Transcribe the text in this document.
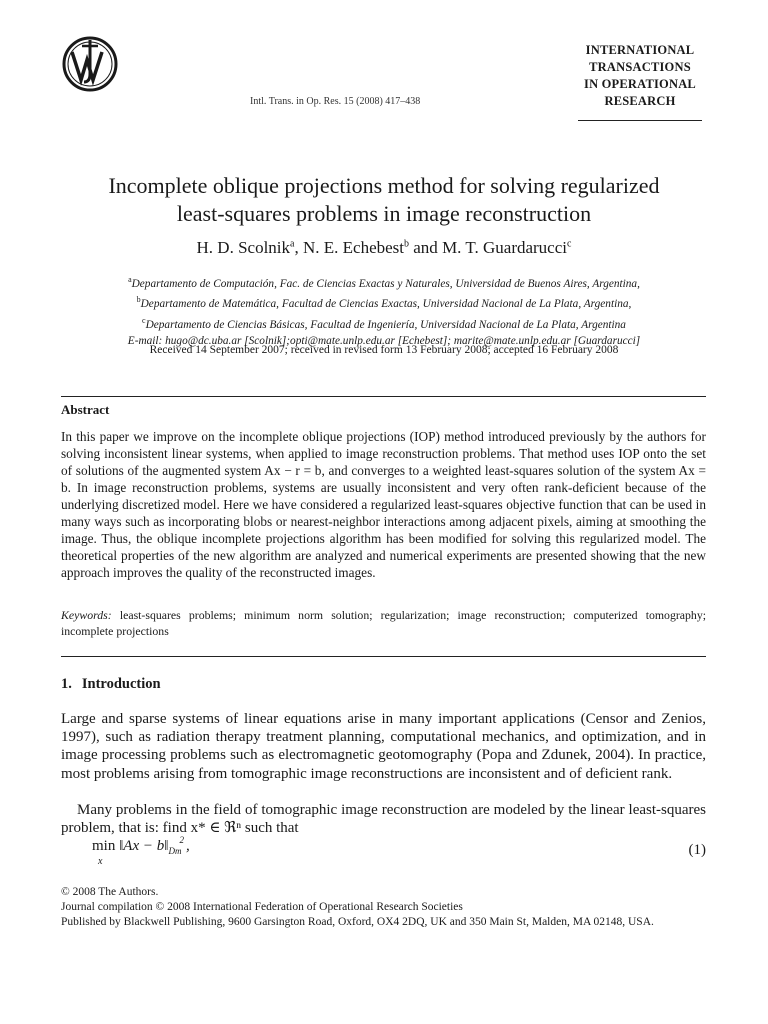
Intl. Trans. in Op. Res. 15 (2008) 417–438
INTERNATIONAL
TRANSACTIONS
IN OPERATIONAL
RESEARCH
Incomplete oblique projections method for solving regularized
least-squares problems in image reconstruction
H. D. Scolnik$^a$, N. E. Echebest$^b$ and M. T. Guardarucci$^c$
$^a$Departamento de Computación, Fac. de Ciencias Exactas y Naturales, Universidad de Buenos Aires, Argentina,
$^b$Departamento de Matemática, Facultad de Ciencias Exactas, Universidad Nacional de La Plata, Argentina,
$^c$Departamento de Ciencias Básicas, Facultad de Ingeniería, Universidad Nacional de La Plata, Argentina
E-mail: hugo@dc.uba.ar [Scolnik];opti@mate.unlp.edu.ar [Echebest]; marite@mate.unlp.edu.ar [Guardarucci]
Received 14 September 2007; received in revised form 13 February 2008; accepted 16 February 2008
Abstract
In this paper we improve on the incomplete oblique projections (IOP) method introduced previously by the authors for solving inconsistent linear systems, when applied to image reconstruction problems. That method uses IOP onto the set of solutions of the augmented system Ax − r = b, and converges to a weighted least-squares solution of the system Ax = b. In image reconstruction problems, systems are usually inconsistent and very often rank-deficient because of the underlying discretized model. Here we have considered a regularized least-squares objective function that can be used in many ways such as incorporating blobs or nearest-neighbor interactions among adjacent pixels, aiming at smoothing the image. Thus, the oblique incomplete projections algorithm has been modified for solving this regularized model. The theoretical properties of the new algorithm are analyzed and numerical experiments are presented showing that the new approach improves the quality of the reconstructed images.
Keywords: least-squares problems; minimum norm solution; regularization; image reconstruction; computerized tomography; incomplete projections
1. Introduction
Large and sparse systems of linear equations arise in many important applications (Censor and Zenios, 1997), such as radiation therapy treatment planning, computational mechanics, and optimization, and in image processing problems such as electromagnetic geotomography (Popa and Zdunek, 2004). In practice, most problems arising from tomographic image reconstructions are inconsistent and of deficient rank.
Many problems in the field of tomographic image reconstruction are modeled by the linear least-squares problem, that is: find x* ∈ ℜⁿ such that
min
x
‖Ax − $b‖_{Dm}^2$ ,	(1)
© 2008 The Authors.
Journal compilation © 2008 International Federation of Operational Research Societies
Published by Blackwell Publishing, 9600 Garsington Road, Oxford, OX4 2DQ, UK and 350 Main St, Malden, MA 02148, USA.
